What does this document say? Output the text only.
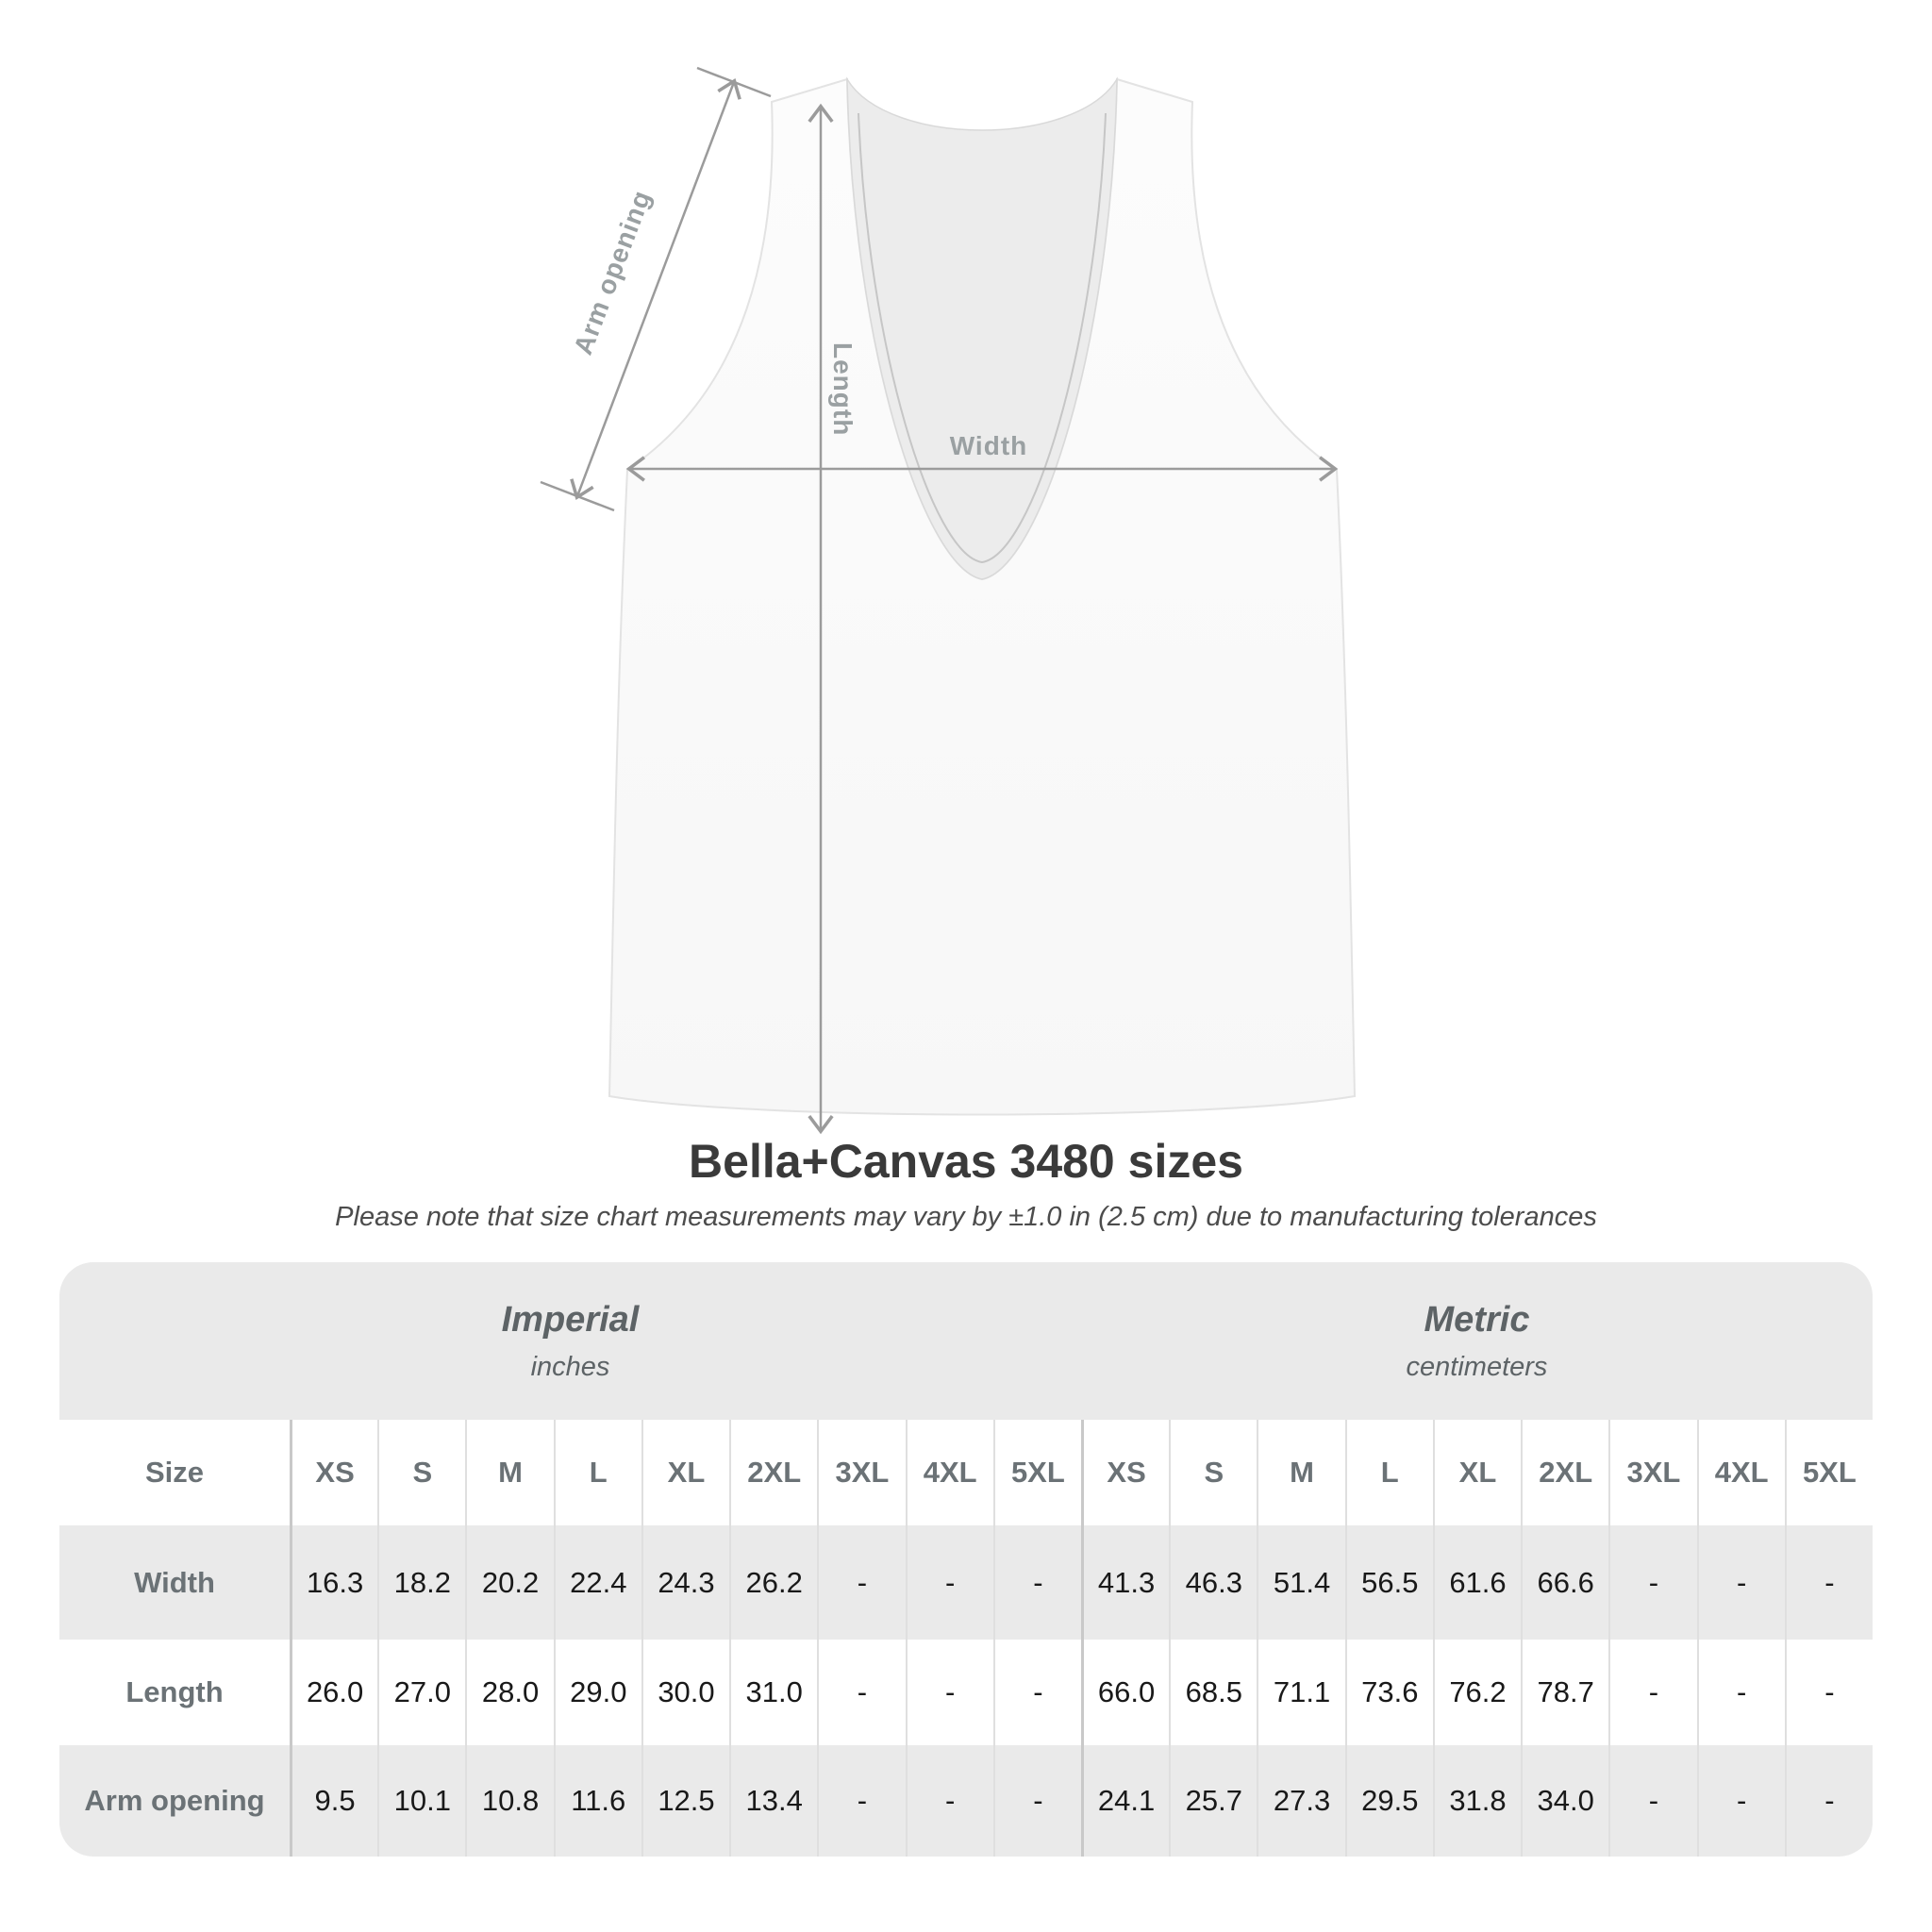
Length
Width
Arm opening
Bella+Canvas 3480 sizes
Please note that size chart measurements may vary by ±1.0 in (2.5 cm) due to manufacturing tolerances
Imperial
inches
Metric
centimeters
Size	XS	S	M	L	XL	2XL	3XL	4XL	5XL	XS	S	M	L	XL	2XL	3XL	4XL	5XL
Width	16.3	18.2	20.2	22.4	24.3	26.2	-	-	-	41.3	46.3	51.4	56.5	61.6	66.6	-	-	-
Length	26.0	27.0	28.0	29.0	30.0	31.0	-	-	-	66.0	68.5	71.1	73.6	76.2	78.7	-	-	-
Arm opening	9.5	10.1	10.8	11.6	12.5	13.4	-	-	-	24.1	25.7	27.3	29.5	31.8	34.0	-	-	-
